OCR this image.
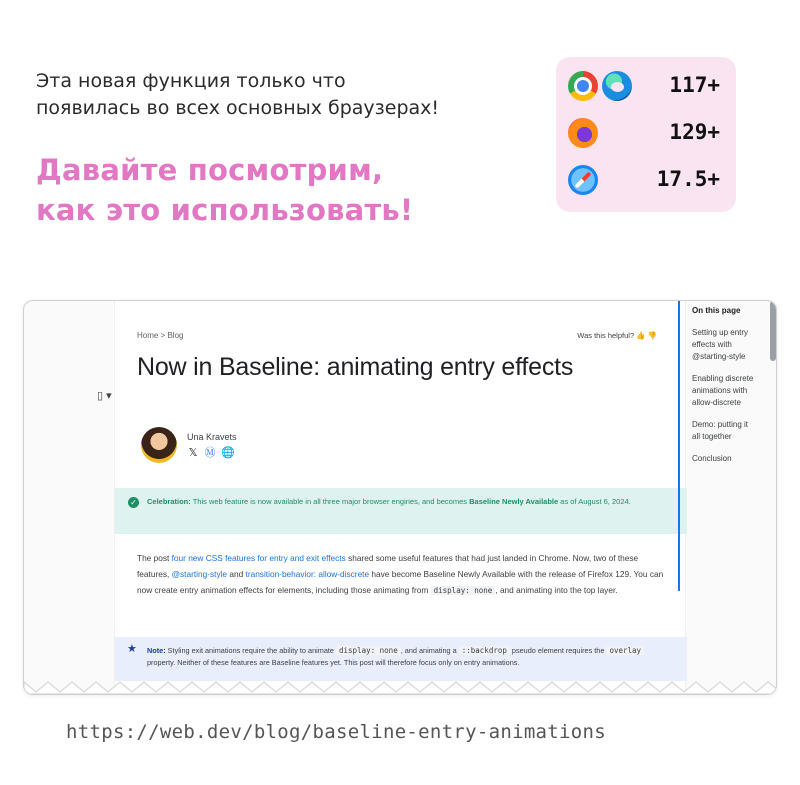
Эта новая функция только что
появилась во всех основных браузерах!
Давайте посмотрим,
как это использовать!
117+
129+
17.5+
▯ ▾
Home > Blog	Was this helpful? 👍 👎
Now in Baseline: animating entry effects
Una Kravets
𝕏 Ⓜ 🌐
✓ Celebration: This web feature is now available in all three major browser engines, and becomes Baseline Newly Available as of August 6, 2024.
The post four new CSS features for entry and exit effects shared some useful features that had just landed in Chrome. Now, two of these features, @starting-style and transition-behavior: allow-discrete have become Baseline Newly Available with the release of Firefox 129. You can now create entry animation effects for elements, including those animating from display: none , and animating into the top layer.
★ Note: Styling exit animations require the ability to animate display: none , and animating a ::backdrop pseudo element requires the overlay property. Neither of these features are Baseline features yet. This post will therefore focus only on entry animations.
On this page
Setting up entry effects with @starting-style
Enabling discrete animations with allow-discrete
Demo: putting it all together
Conclusion
https://web.dev/blog/baseline-entry-animations
